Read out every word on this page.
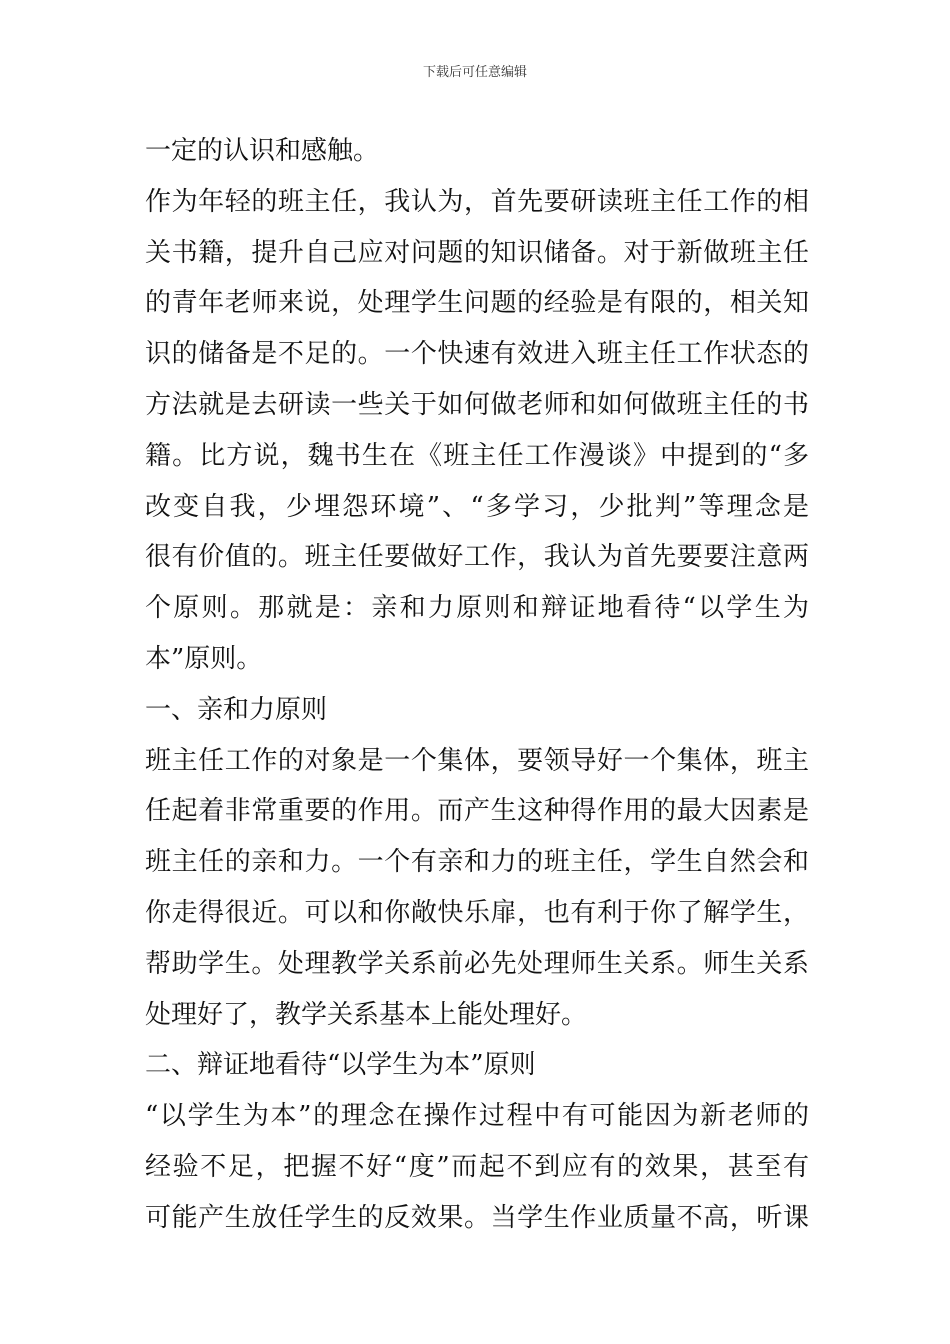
下载后可任意编辑
一定的认识和感触。
作为年轻的班主任，我认为，首先要研读班主任工作的相
关书籍，提升自己应对问题的知识储备。对于新做班主任
的青年老师来说，处理学生问题的经验是有限的，相关知
识的储备是不足的。一个快速有效进入班主任工作状态的
方法就是去研读一些关于如何做老师和如何做班主任的书
籍。比方说，魏书生在《班主任工作漫谈》中提到的“多
改变自我，少埋怨环境”、“多学习，少批判”等理念是
很有价值的。班主任要做好工作，我认为首先要要注意两
个原则。那就是：亲和力原则和辩证地看待“以学生为
本”原则。
一、亲和力原则
班主任工作的对象是一个集体，要领导好一个集体，班主
任起着非常重要的作用。而产生这种得作用的最大因素是
班主任的亲和力。一个有亲和力的班主任，学生自然会和
你走得很近。可以和你敞快乐扉，也有利于你了解学生，
帮助学生。处理教学关系前必先处理师生关系。师生关系
处理好了，教学关系基本上能处理好。
二、辩证地看待“以学生为本”原则
“以学生为本”的理念在操作过程中有可能因为新老师的
经验不足，把握不好“度”而起不到应有的效果，甚至有
可能产生放任学生的反效果。当学生作业质量不高，听课
